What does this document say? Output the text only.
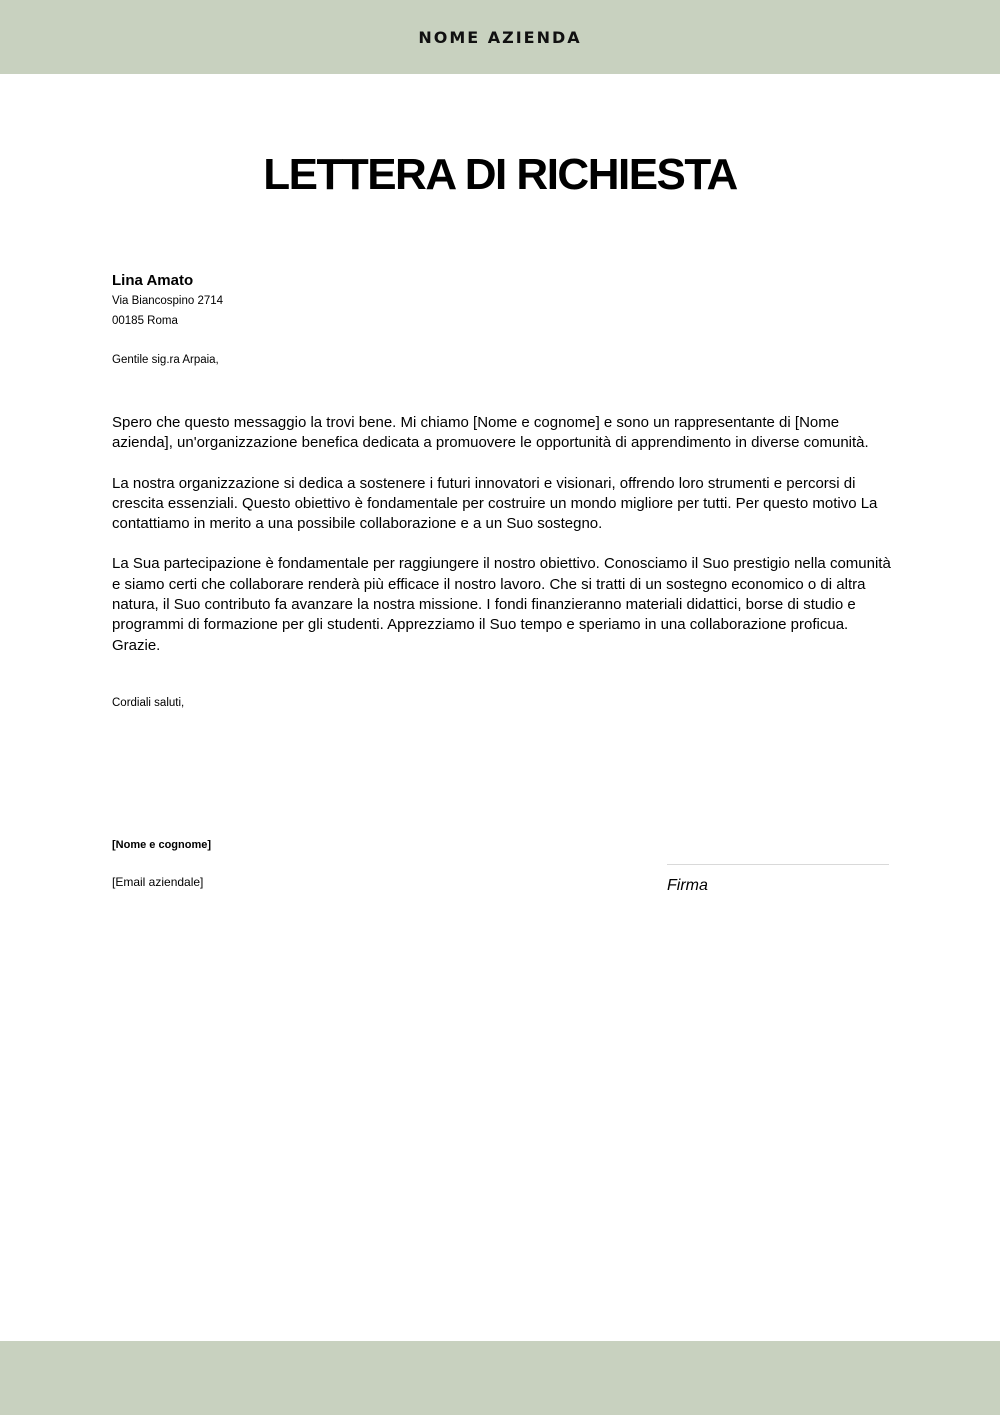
NOME AZIENDA
LETTERA DI RICHIESTA
Lina Amato
Via Biancospino 2714
00185 Roma
Gentile sig.ra Arpaia,

Spero che questo messaggio la trovi bene. Mi chiamo [Nome e cognome] e sono un rappresentante di [Nome azienda], un'organizzazione benefica dedicata a promuovere le opportunità di apprendimento in diverse comunità.

La nostra organizzazione si dedica a sostenere i futuri innovatori e visionari, offrendo loro strumenti e percorsi di crescita essenziali. Questo obiettivo è fondamentale per costruire un mondo migliore per tutti. Per questo motivo La contattiamo in merito a una possibile collaborazione e a un Suo sostegno.

La Sua partecipazione è fondamentale per raggiungere il nostro obiettivo. Conosciamo il Suo prestigio nella comunità e siamo certi che collaborare renderà più efficace il nostro lavoro. Che si tratti di un sostegno economico o di altra natura, il Suo contributo fa avanzare la nostra missione. I fondi finanzieranno materiali didattici, borse di studio e programmi di formazione per gli studenti. Apprezziamo il Suo tempo e speriamo in una collaborazione proficua. Grazie.

Cordiali saluti,
[Nome e cognome]
[Email aziendale]	Firma
